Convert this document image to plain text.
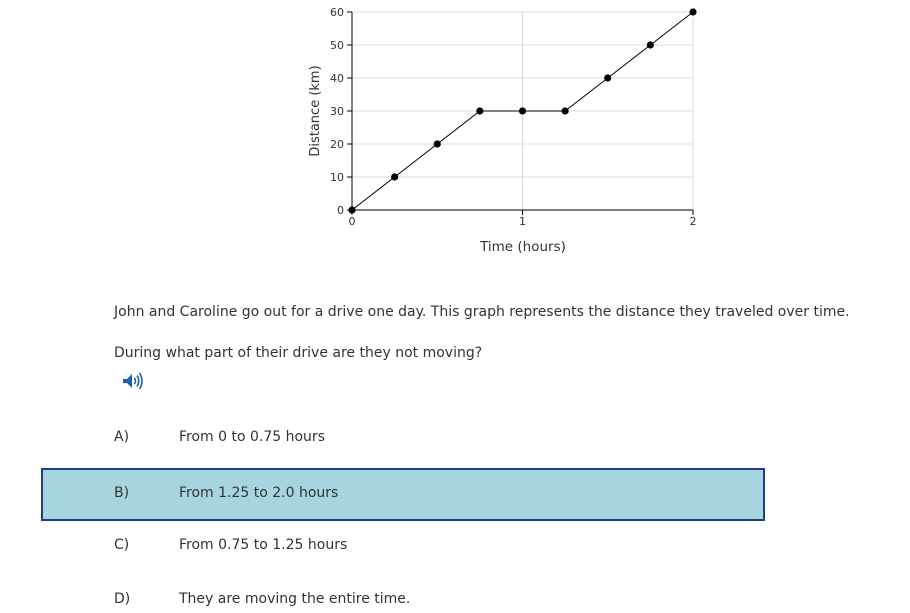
0
10
20
30
40
50
60
0	1	2
Time (hours)
Distance (km)
John and Caroline go out for a drive one day. This graph represents the distance they traveled over time.
During what part of their drive are they not moving?
A)	From 0 to 0.75 hours
B)	From 1.25 to 2.0 hours
C)	From 0.75 to 1.25 hours
D)	They are moving the entire time.
